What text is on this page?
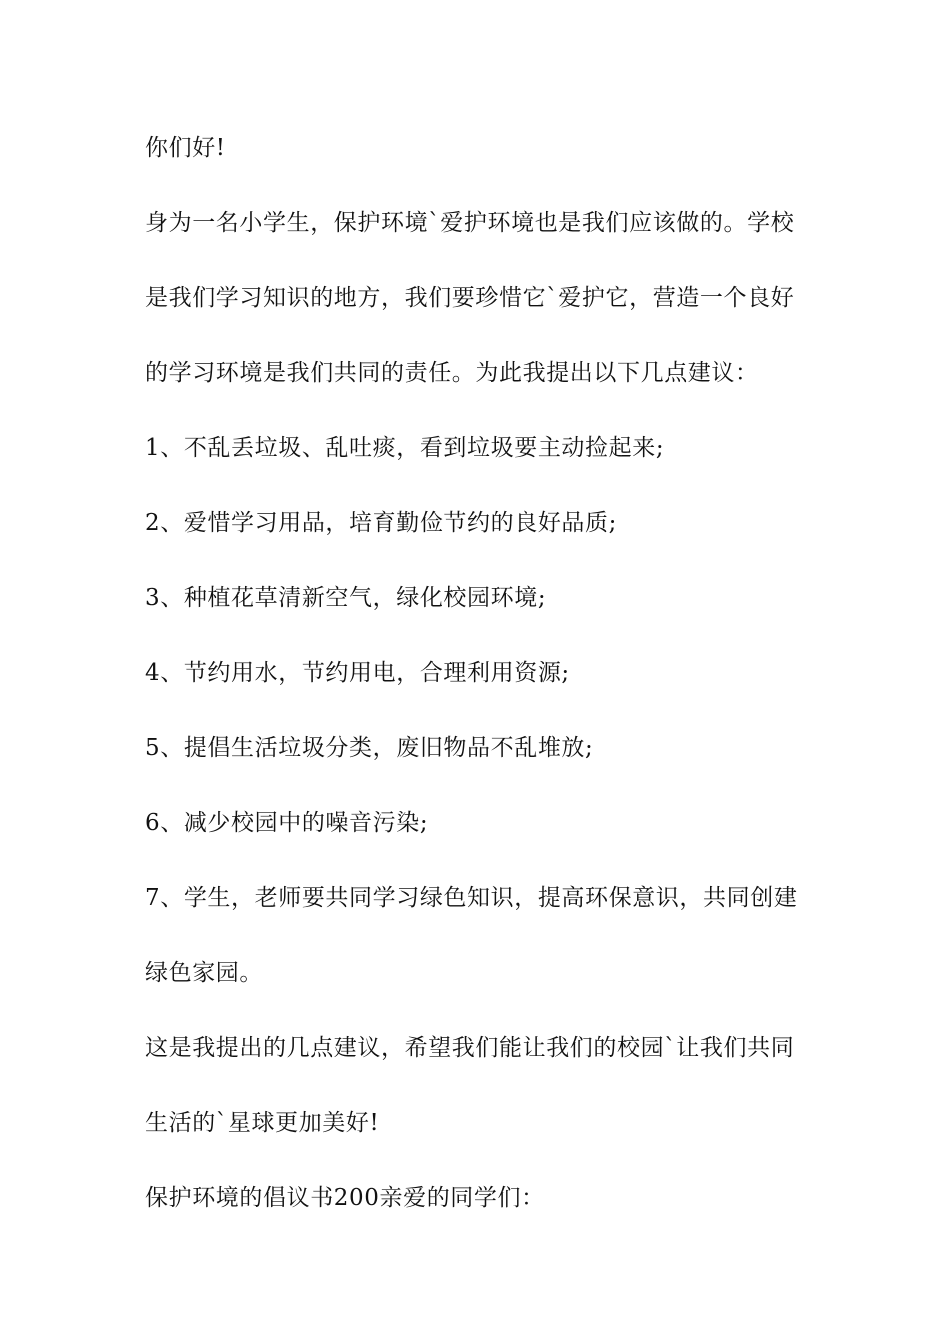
你们好!
身为一名小学生，保护环境`爱护环境也是我们应该做的。学校
是我们学习知识的地方，我们要珍惜它`爱护它，营造一个良好
的学习环境是我们共同的责任。为此我提出以下几点建议：
1、不乱丢垃圾、乱吐痰，看到垃圾要主动捡起来;
2、爱惜学习用品，培育勤俭节约的良好品质;
3、种植花草清新空气，绿化校园环境;
4、节约用水，节约用电，合理利用资源;
5、提倡生活垃圾分类，废旧物品不乱堆放;
6、减少校园中的噪音污染;
7、学生，老师要共同学习绿色知识，提高环保意识，共同创建
绿色家园。
这是我提出的几点建议，希望我们能让我们的校园`让我们共同
生活的`星球更加美好!
保护环境的倡议书200亲爱的同学们：
